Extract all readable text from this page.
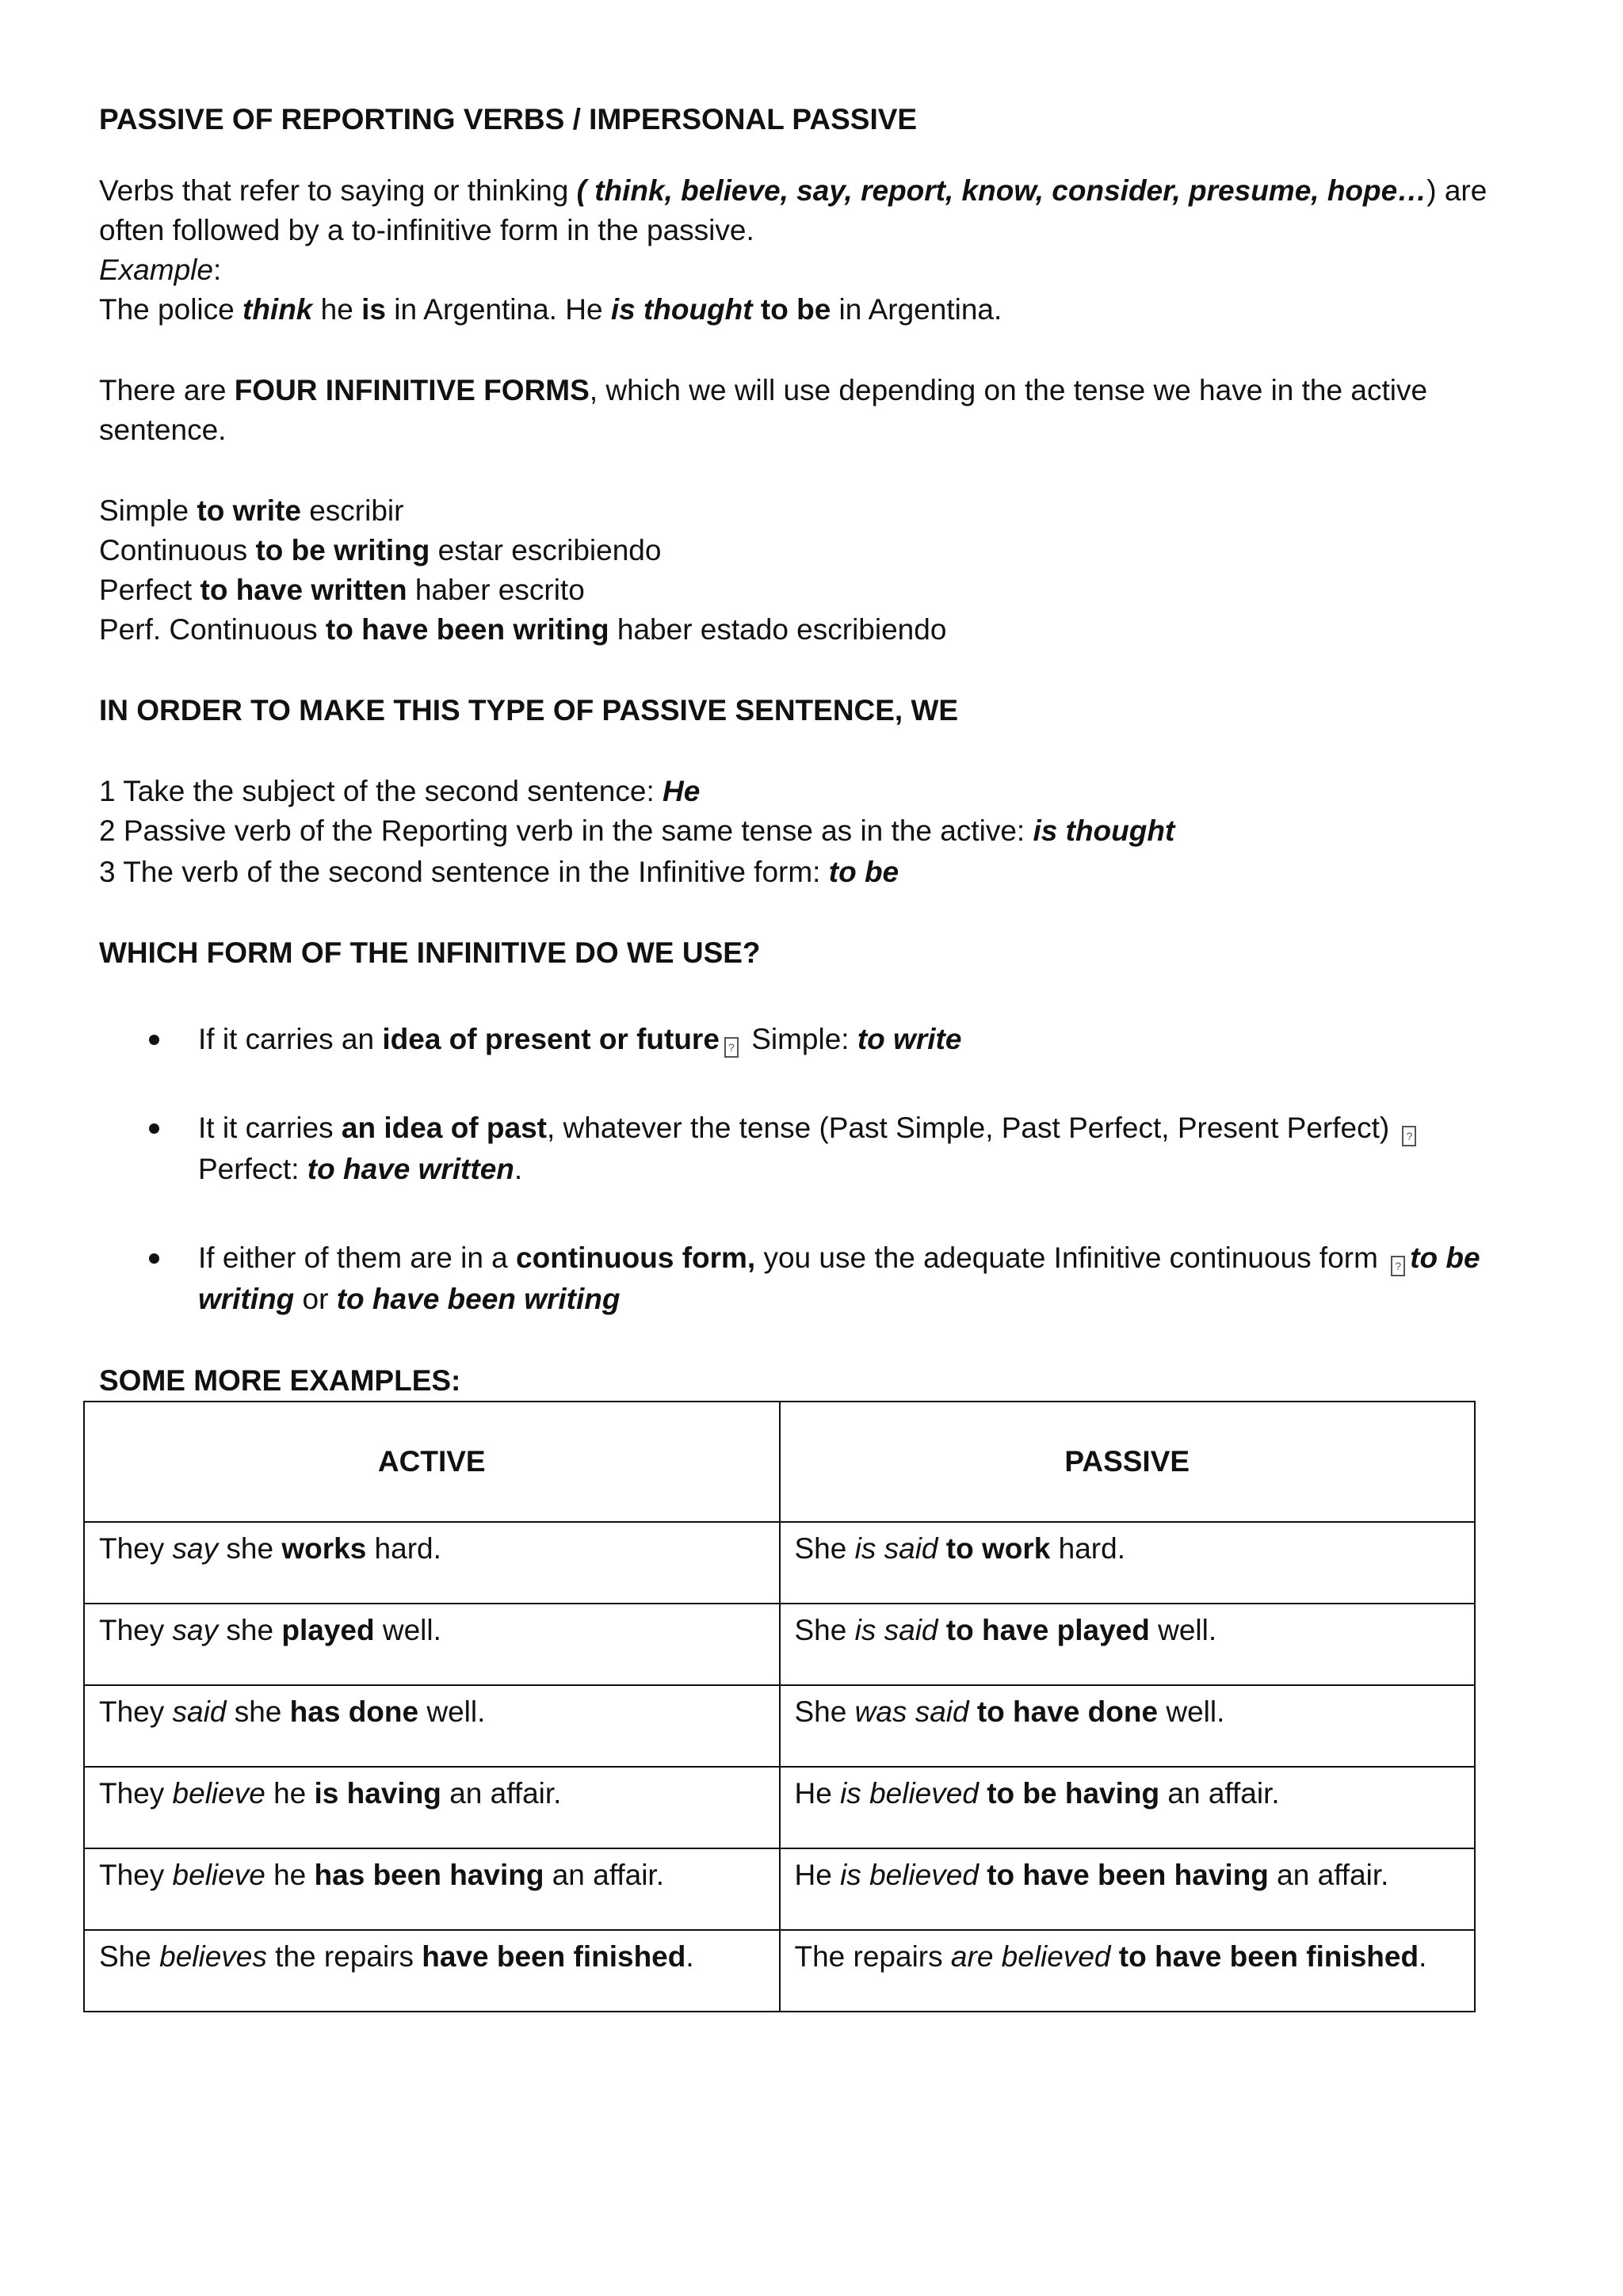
PASSIVE OF REPORTING VERBS / IMPERSONAL PASSIVE

Verbs that refer to saying or thinking ( think, believe, say, report, know, consider, presume, hope…) are

often followed by a to-infinitive form in the passive.

Example:

The police think he is in Argentina. He is thought to be in Argentina.

There are FOUR INFINITIVE FORMS, which we will use depending on the tense we have in the active

sentence.

Simple to write escribir

Continuous to be writing estar escribiendo

Perfect to have written haber escrito

Perf. Continuous to have been writing haber estado escribiendo

IN ORDER TO MAKE THIS TYPE OF PASSIVE SENTENCE, WE

1 Take the subject of the second sentence: He

2 Passive verb of the Reporting verb in the same tense as in the active: is thought

3 The verb of the second sentence in the Infinitive form: to be

WHICH FORM OF THE INFINITIVE DO WE USE?

If it carries an idea of present or future ? Simple: to write

It it carries an idea of past, whatever the tense (Past Simple, Past Perfect, Present Perfect) ?

Perfect: to have written.

If either of them are in a continuous form, you use the adequate Infinitive continuous form ? to be

writing or to have been writing

SOME MORE EXAMPLES:

ACTIVE	PASSIVE
They say she works hard.	She is said to work hard.
They say she played well.	She is said to have played well.
They said she has done well.	She was said to have done well.
They believe he is having an affair.	He is believed to be having an affair.
They believe he has been having an affair.	He is believed to have been having an affair.
She believes the repairs have been finished.	The repairs are believed to have been finished.
